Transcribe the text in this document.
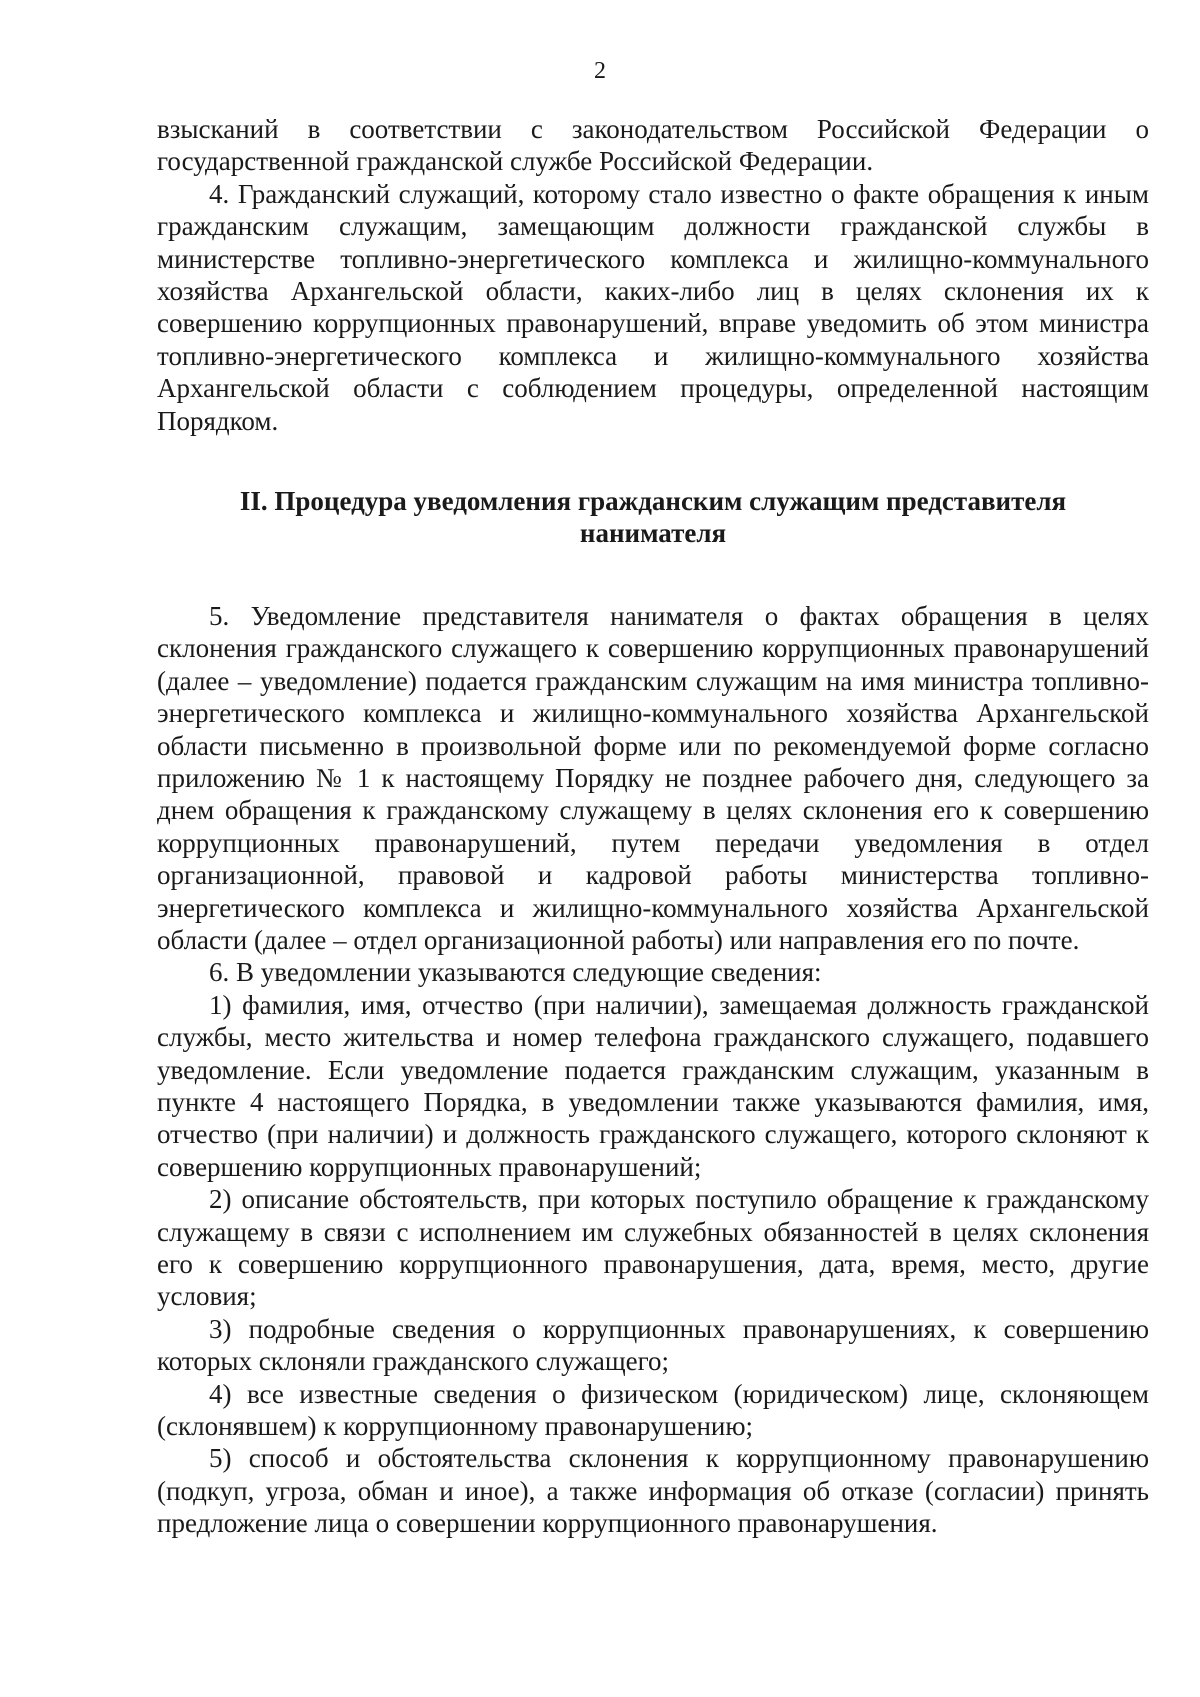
2

взысканий в соответствии с законодательством Российской Федерации о государственной гражданской службе Российской Федерации.

4. Гражданский служащий, которому стало известно о факте обращения к иным гражданским служащим, замещающим должности гражданской службы в министерстве топливно-энергетического комплекса и жилищно-коммунального хозяйства Архангельской области, каких-либо лиц в целях склонения их к совершению коррупционных правонарушений, вправе уведомить об этом министра топливно-энергетического комплекса и жилищно-коммунального хозяйства Архангельской области с соблюдением процедуры, определенной настоящим Порядком.

II. Процедура уведомления гражданским служащим представителя
нанимателя

5. Уведомление представителя нанимателя о фактах обращения в целях склонения гражданского служащего к совершению коррупционных правонарушений (далее – уведомление) подается гражданским служащим на имя министра топливно-энергетического комплекса и жилищно-коммунального хозяйства Архангельской области письменно в произвольной форме или по рекомендуемой форме согласно приложению № 1 к настоящему Порядку не позднее рабочего дня, следующего за днем обращения к гражданскому служащему в целях склонения его к совершению коррупционных правонарушений, путем передачи уведомления в отдел организационной, правовой и кадровой работы министерства топливно-энергетического комплекса и жилищно-коммунального хозяйства Архангельской области (далее – отдел организационной работы) или направления его по почте.

6. В уведомлении указываются следующие сведения:

1) фамилия, имя, отчество (при наличии), замещаемая должность гражданской службы, место жительства и номер телефона гражданского служащего, подавшего уведомление. Если уведомление подается гражданским служащим, указанным в пункте 4 настоящего Порядка, в уведомлении также указываются фамилия, имя, отчество (при наличии) и должность гражданского служащего, которого склоняют к совершению коррупционных правонарушений;

2) описание обстоятельств, при которых поступило обращение к гражданскому служащему в связи с исполнением им служебных обязанностей в целях склонения его к совершению коррупционного правонарушения, дата, время, место, другие условия;

3) подробные сведения о коррупционных правонарушениях, к совершению которых склоняли гражданского служащего;

4) все известные сведения о физическом (юридическом) лице, склоняющем (склонявшем) к коррупционному правонарушению;

5) способ и обстоятельства склонения к коррупционному правонарушению (подкуп, угроза, обман и иное), а также информация об отказе (согласии) принять предложение лица о совершении коррупционного правонарушения.
